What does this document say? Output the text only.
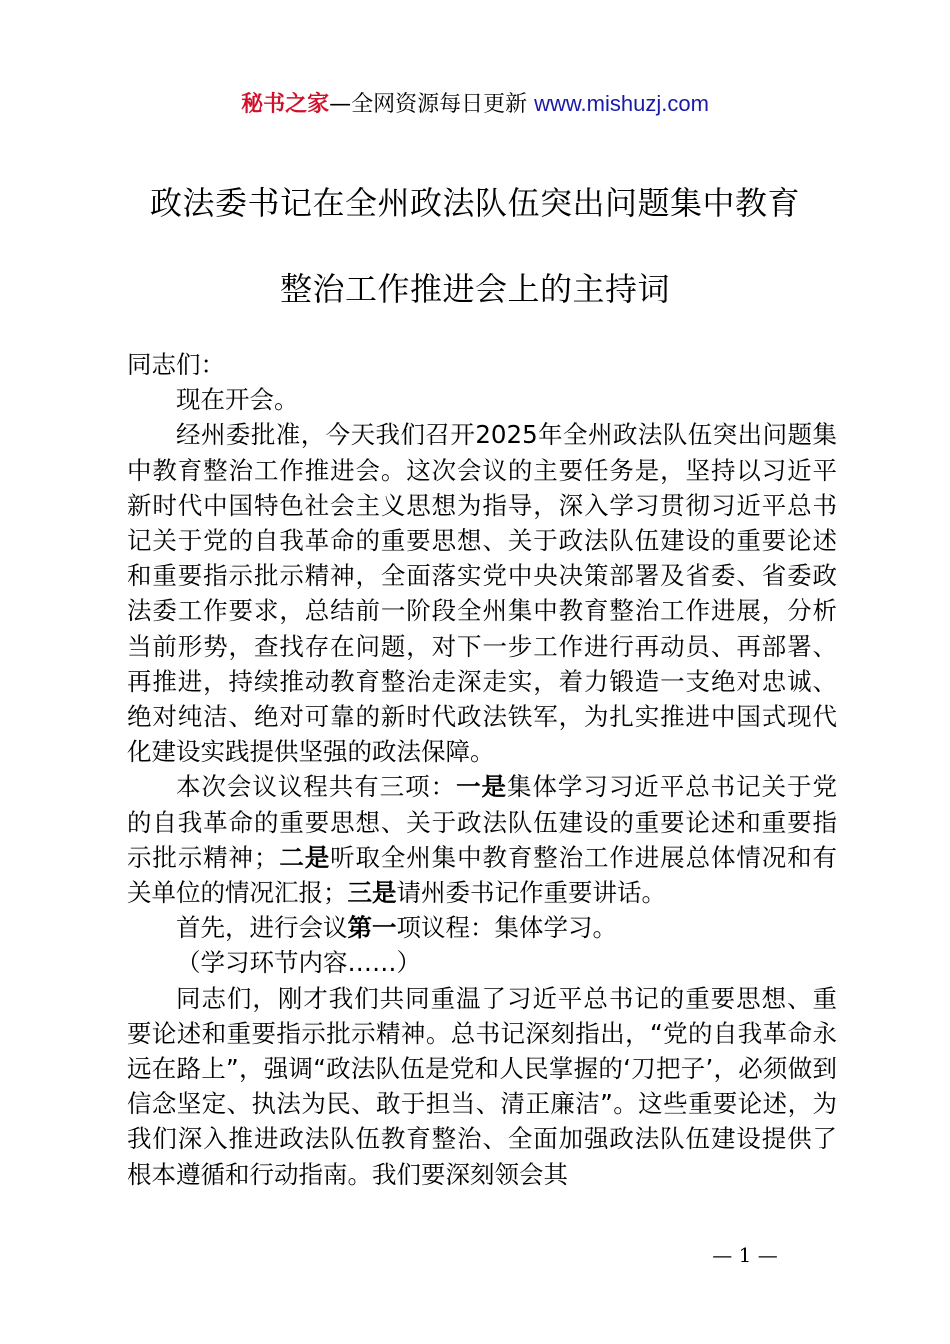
秘书之家—全网资源每日更新 www.mishuzj.com
政法委书记在全州政法队伍突出问题集中教育
整治工作推进会上的主持词

同志们：

现在开会。

经州委批准，今天我们召开2025年全州政法队伍突出问题集中教育整治工作推进会。这次会议的主要任务是，坚持以习近平新时代中国特色社会主义思想为指导，深入学习贯彻习近平总书记关于党的自我革命的重要思想、关于政法队伍建设的重要论述和重要指示批示精神，全面落实党中央决策部署及省委、省委政法委工作要求，总结前一阶段全州集中教育整治工作进展，分析当前形势，查找存在问题，对下一步工作进行再动员、再部署、再推进，持续推动教育整治走深走实，着力锻造一支绝对忠诚、绝对纯洁、绝对可靠的新时代政法铁军，为扎实推进中国式现代化建设实践提供坚强的政法保障。

本次会议议程共有三项：一是集体学习习近平总书记关于党的自我革命的重要思想、关于政法队伍建设的重要论述和重要指示批示精神；二是听取全州集中教育整治工作进展总体情况和有关单位的情况汇报；三是请州委书记作重要讲话。

首先，进行会议第一项议程：集体学习。

（学习环节内容……）

同志们，刚才我们共同重温了习近平总书记的重要思想、重要论述和重要指示批示精神。总书记深刻指出，“党的自我革命永远在路上”，强调“政法队伍是党和人民掌握的‘刀把子’，必须做到信念坚定、执法为民、敢于担当、清正廉洁”。这些重要论述，为我们深入推进政法队伍教育整治、全面加强政法队伍建设提供了根本遵循和行动指南。我们要深刻领会其

— 1 —
